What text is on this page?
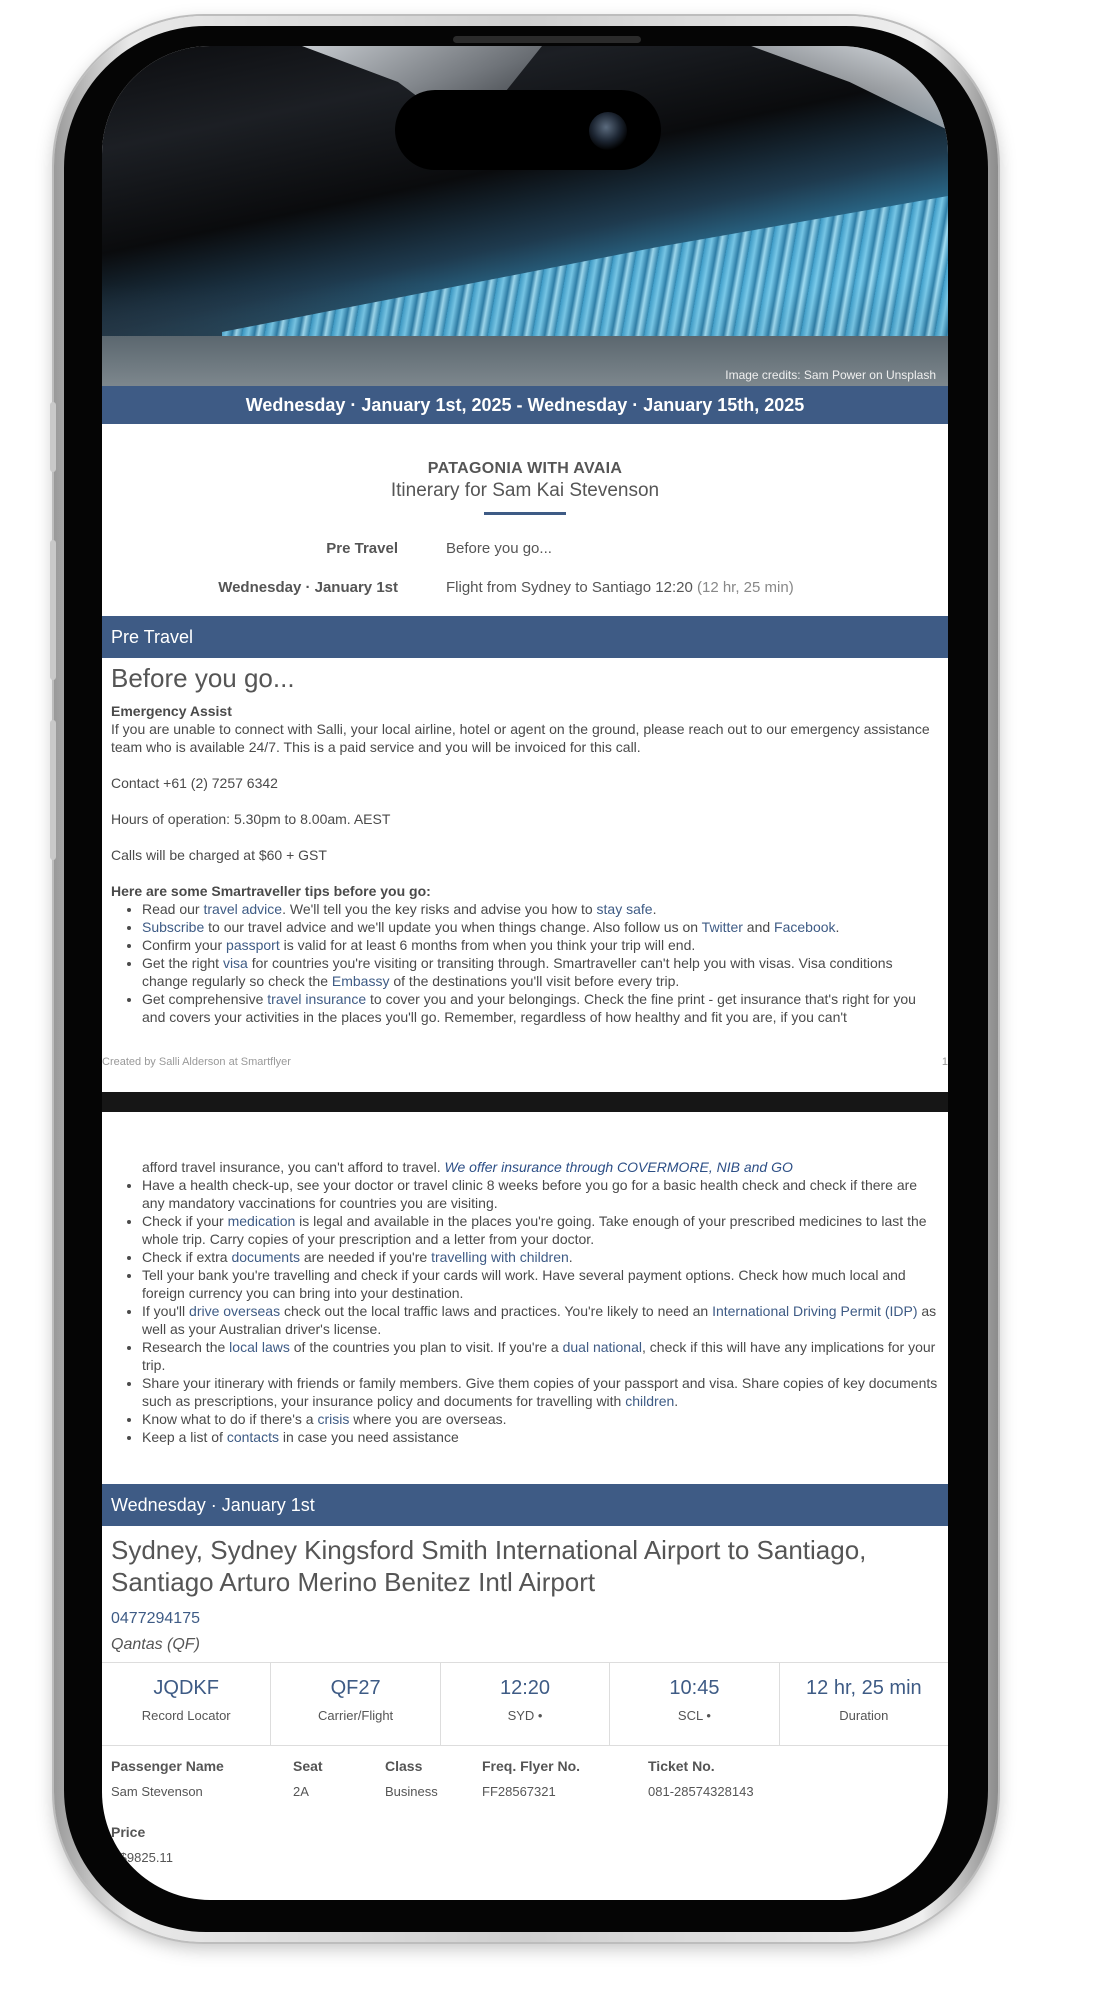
Image credits: Sam Power on Unsplash
Wednesday · January 1st, 2025 - Wednesday · January 15th, 2025
PATAGONIA WITH AVAIA
Itinerary for Sam Kai Stevenson
Pre Travel	Before you go...
Wednesday · January 1st	Flight from Sydney to Santiago 12:20 (12 hr, 25 min)
Pre Travel
Before you go...
Emergency Assist
If you are unable to connect with Salli, your local airline, hotel or agent on the ground, please reach out to our emergency assistance team who is available 24/7. This is a paid service and you will be invoiced for this call.
Contact +61 (2) 7257 6342
Hours of operation: 5.30pm to 8.00am. AEST
Calls will be charged at $60 + GST
Here are some Smartraveller tips before you go:
• Read our travel advice. We'll tell you the key risks and advise you how to stay safe.
• Subscribe to our travel advice and we'll update you when things change. Also follow us on Twitter and Facebook.
• Confirm your passport is valid for at least 6 months from when you think your trip will end.
• Get the right visa for countries you're visiting or transiting through. Smartraveller can't help you with visas. Visa conditions change regularly so check the Embassy of the destinations you'll visit before every trip.
• Get comprehensive travel insurance to cover you and your belongings. Check the fine print - get insurance that's right for you and covers your activities in the places you'll go. Remember, regardless of how healthy and fit you are, if you can't
Created by Salli Alderson at Smartflyer	1
afford travel insurance, you can't afford to travel. We offer insurance through COVERMORE, NIB and GO
• Have a health check-up, see your doctor or travel clinic 8 weeks before you go for a basic health check and check if there are any mandatory vaccinations for countries you are visiting.
• Check if your medication is legal and available in the places you're going. Take enough of your prescribed medicines to last the whole trip. Carry copies of your prescription and a letter from your doctor.
• Check if extra documents are needed if you're travelling with children.
• Tell your bank you're travelling and check if your cards will work. Have several payment options. Check how much local and foreign currency you can bring into your destination.
• If you'll drive overseas check out the local traffic laws and practices. You're likely to need an International Driving Permit (IDP) as well as your Australian driver's license.
• Research the local laws of the countries you plan to visit. If you're a dual national, check if this will have any implications for your trip.
• Share your itinerary with friends or family members. Give them copies of your passport and visa. Share copies of key documents such as prescriptions, your insurance policy and documents for travelling with children.
• Know what to do if there's a crisis where you are overseas.
• Keep a list of contacts in case you need assistance
Wednesday · January 1st
Sydney, Sydney Kingsford Smith International Airport to Santiago, Santiago Arturo Merino Benitez Intl Airport
0477294175
Qantas (QF)
JQDKF
Record Locator
QF27
Carrier/Flight
12:20
SYD •
10:45
SCL •
12 hr, 25 min
Duration
Passenger Name	Seat	Class	Freq. Flyer No.	Ticket No.
Sam Stevenson	2A	Business	FF28567321	081-28574328143
Price
A$9825.11
